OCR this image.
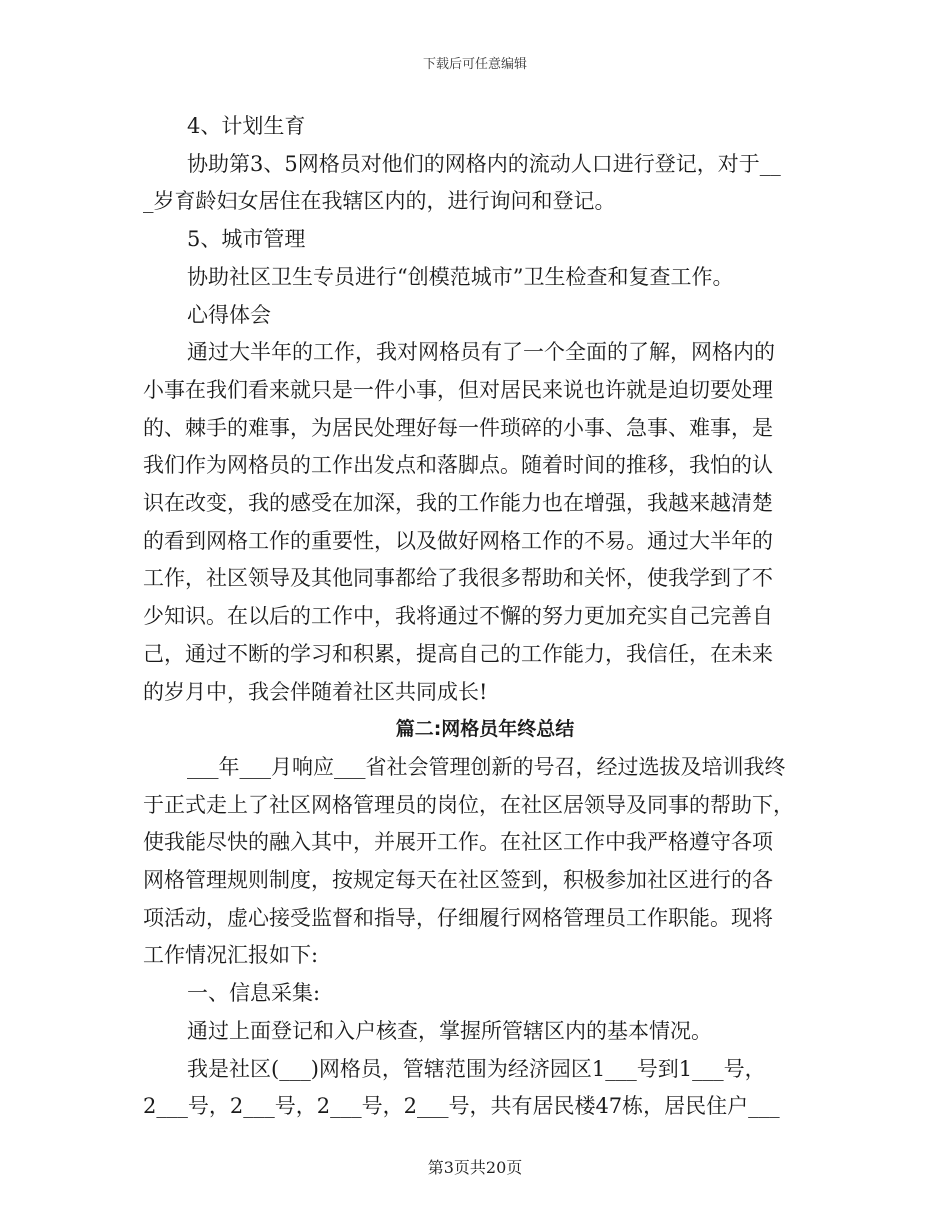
下载后可任意编辑
4、计划生育
协助第3、5网格员对他们的网格内的流动人口进行登记，对于__
_岁育龄妇女居住在我辖区内的，进行询问和登记。
5、城市管理
协助社区卫生专员进行“创模范城市”卫生检查和复查工作。
心得体会
通过大半年的工作，我对网格员有了一个全面的了解，网格内的
小事在我们看来就只是一件小事，但对居民来说也许就是迫切要处理
的、棘手的难事，为居民处理好每一件琐碎的小事、急事、难事，是
我们作为网格员的工作出发点和落脚点。随着时间的推移，我怕的认
识在改变，我的感受在加深，我的工作能力也在增强，我越来越清楚
的看到网格工作的重要性，以及做好网格工作的不易。通过大半年的
工作，社区领导及其他同事都给了我很多帮助和关怀，使我学到了不
少知识。在以后的工作中，我将通过不懈的努力更加充实自己完善自
己，通过不断的学习和积累，提高自己的工作能力，我信任，在未来
的岁月中，我会伴随着社区共同成长!
篇二:网格员年终总结
___年___月响应___省社会管理创新的号召，经过选拔及培训我终
于正式走上了社区网格管理员的岗位，在社区居领导及同事的帮助下，
使我能尽快的融入其中，并展开工作。在社区工作中我严格遵守各项
网格管理规则制度，按规定每天在社区签到，积极参加社区进行的各
项活动，虚心接受监督和指导，仔细履行网格管理员工作职能。现将
工作情况汇报如下:
一、信息采集:
通过上面登记和入户核查，掌握所管辖区内的基本情况。
我是社区(___)网格员，管辖范围为经济园区1___号到1___号，
2___号，2___号，2___号，2___号，共有居民楼47栋，居民住户___
第3页共20页
